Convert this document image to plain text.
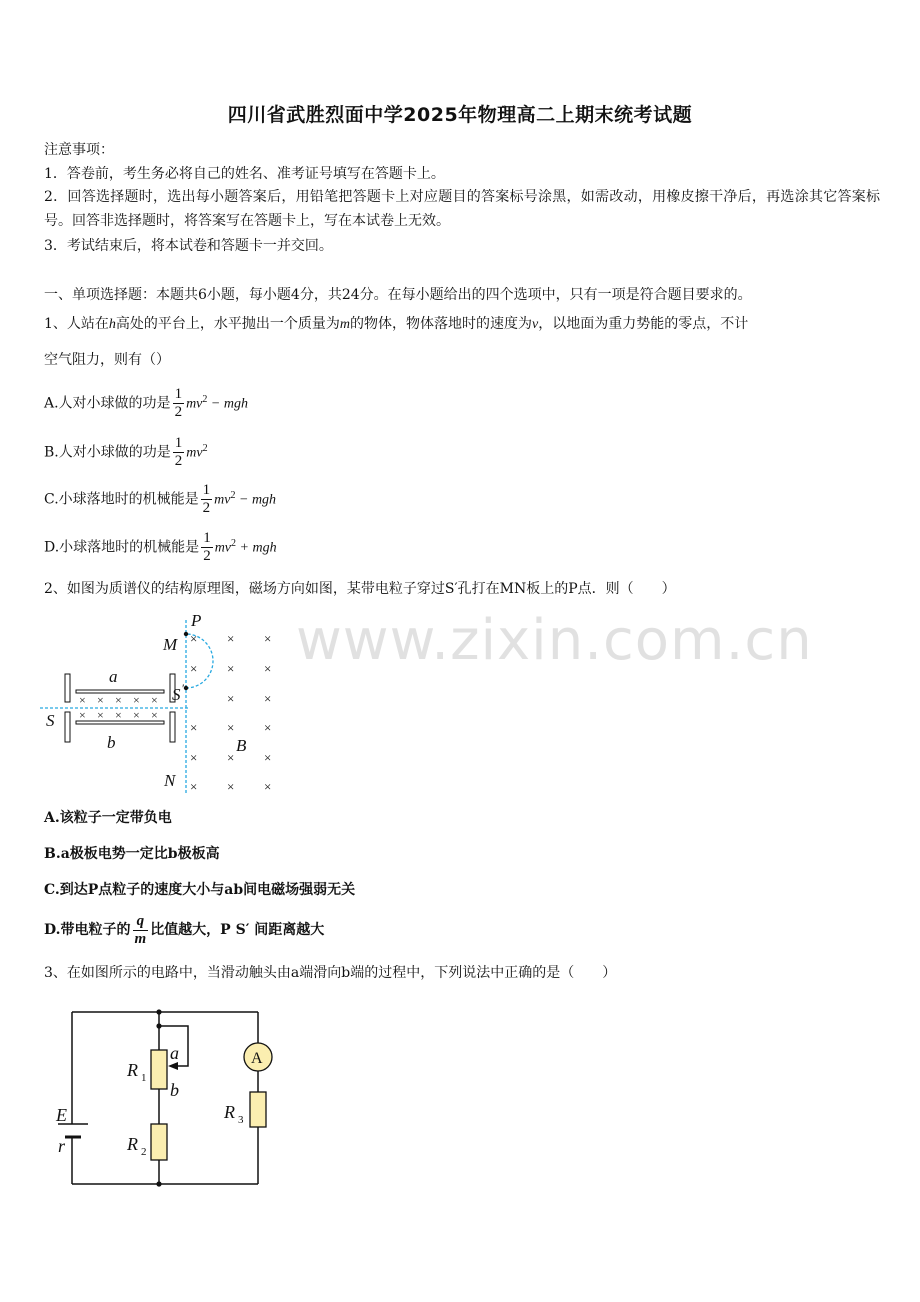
四川省武胜烈面中学2025年物理高二上期末统考试题
注意事项：
1．答卷前，考生务必将自己的姓名、准考证号填写在答题卡上。
2．回答选择题时，选出每小题答案后，用铅笔把答题卡上对应题目的答案标号涂黑，如需改动，用橡皮擦干净后，再选涂其它答案标号。回答非选择题时，将答案写在答题卡上，写在本试卷上无效。
3．考试结束后，将本试卷和答题卡一并交回。
一、单项选择题：本题共6小题，每小题4分，共24分。在每小题给出的四个选项中，只有一项是符合题目要求的。
1、人站在h高处的平台上，水平抛出一个质量为m的物体，物体落地时的速度为v，以地面为重力势能的零点，不计
空气阻力，则有（）
A.人对小球做的功是 $\frac{1}{2} mv^2$ − mgh
B.人对小球做的功是 $\frac{1}{2} mv^2$
C.小球落地时的机械能是 $\frac{1}{2} mv^2$ − mgh
D.小球落地时的机械能是 $\frac{1}{2} mv^2$ + mgh
2、如图为质谱仪的结构原理图，磁场方向如图，某带电粒子穿过S′孔打在MN板上的P点．则（　　）
× × × × ×
× × × × ×
× × ×
× × ×
× ×
× × ×
× × ×
× × ×
P
M
S
S
a
b	B
N
′
A.该粒子一定带负电
B.a极板电势一定比b极板高
C.到达P点粒子的速度大小与ab间电磁场强弱无关
D.带电粒子的 $\frac{q}{m}$ 比值越大，P S′ 间距离越大
3、在如图所示的电路中，当滑动触头由a端滑向b端的过程中，下列说法中正确的是（　　）
A
E
r
a
b
R
R
R
1
2
3
www.zixin.com.cn
